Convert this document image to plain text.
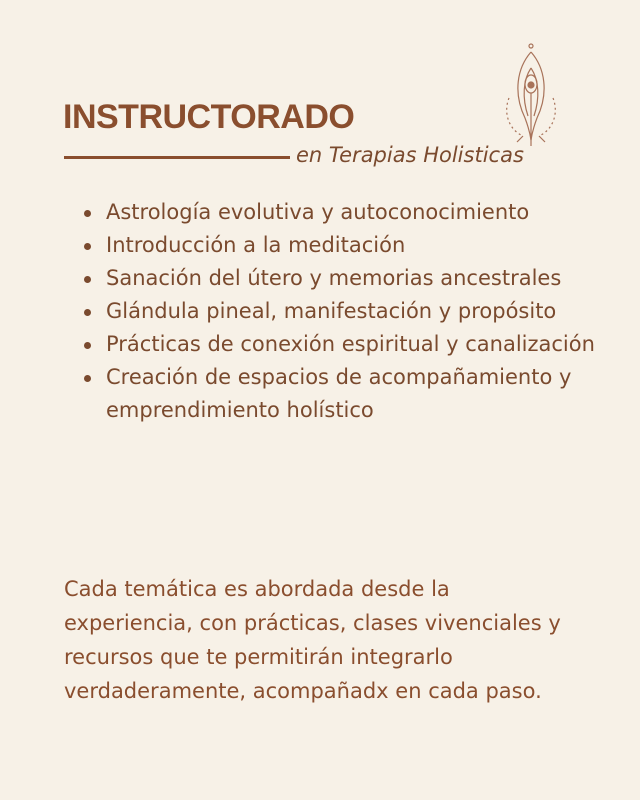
INSTRUCTORADO
en Terapias Holisticas
Astrología evolutiva y autoconocimiento
Introducción a la meditación
Sanación del útero y memorias ancestrales
Glándula pineal, manifestación y propósito
Prácticas de conexión espiritual y canalización
Creación de espacios de acompañamiento y emprendimiento holístico

Cada temática es abordada desde la experiencia, con prácticas, clases vivenciales y recursos que te permitirán integrarlo verdaderamente, acompañadx en cada paso.
